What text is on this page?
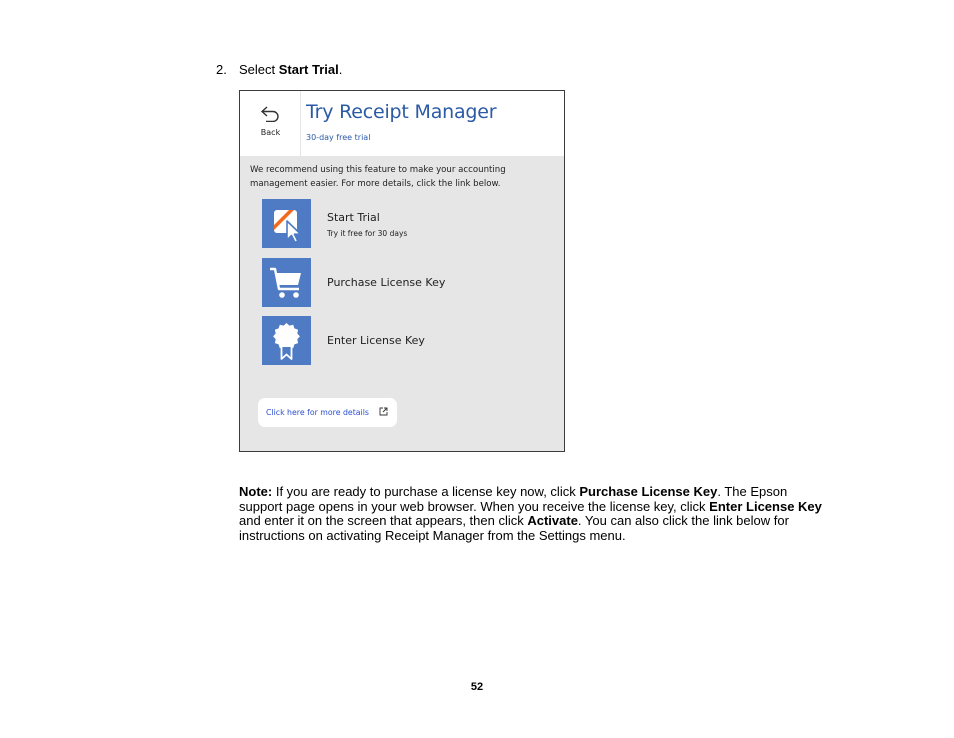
2. Select Start Trial.
Back
Try Receipt Manager
30-day free trial
We recommend using this feature to make your accounting
management easier. For more details, click the link below.
Start Trial
Try it free for 30 days
Purchase License Key
Enter License Key
Click here for more details
Note: If you are ready to purchase a license key now, click Purchase License Key. The Epson support page opens in your web browser. When you receive the license key, click Enter License Key and enter it on the screen that appears, then click Activate. You can also click the link below for instructions on activating Receipt Manager from the Settings menu.
52
